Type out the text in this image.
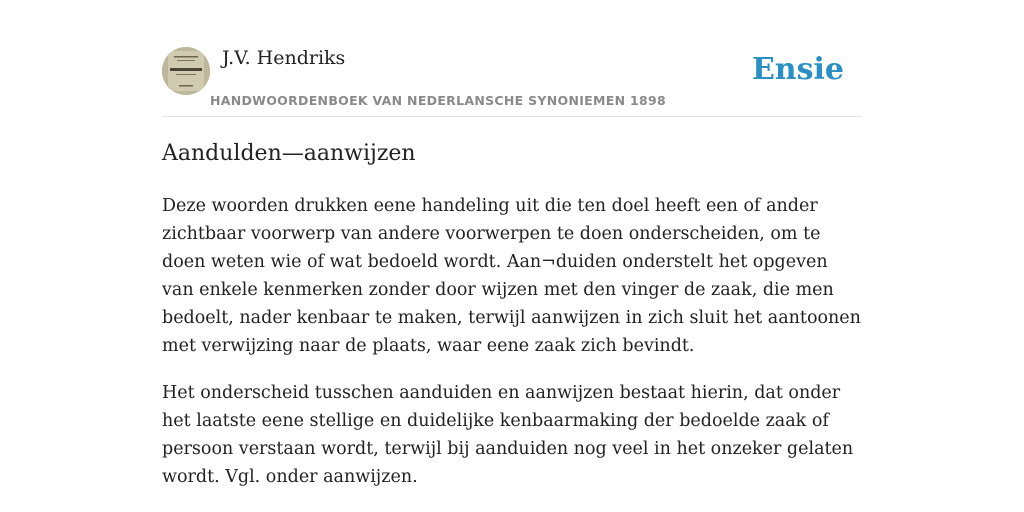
J.V. Hendriks
HANDWOORDENBOEK VAN NEDERLANSCHE SYNONIEMEN 1898
Ensie
Aandulden—aanwijzen

Deze woorden drukken eene handeling uit die ten doel heeft een of ander zichtbaar voorwerp van andere voorwerpen te doen onderscheiden, om te doen weten wie of wat bedoeld wordt. Aan¬duiden onderstelt het opgeven van enkele kenmerken zonder door wijzen met den vinger de zaak, die men bedoelt, nader kenbaar te maken, terwijl aanwijzen in zich sluit het aantoonen met verwijzing naar de plaats, waar eene zaak zich bevindt.

Het onderscheid tusschen aanduiden en aanwijzen bestaat hierin, dat onder het laatste eene stellige en duidelijke kenbaarmaking der bedoelde zaak of persoon verstaan wordt, terwijl bij aanduiden nog veel in het onzeker gelaten wordt. Vgl. onder aanwijzen.
